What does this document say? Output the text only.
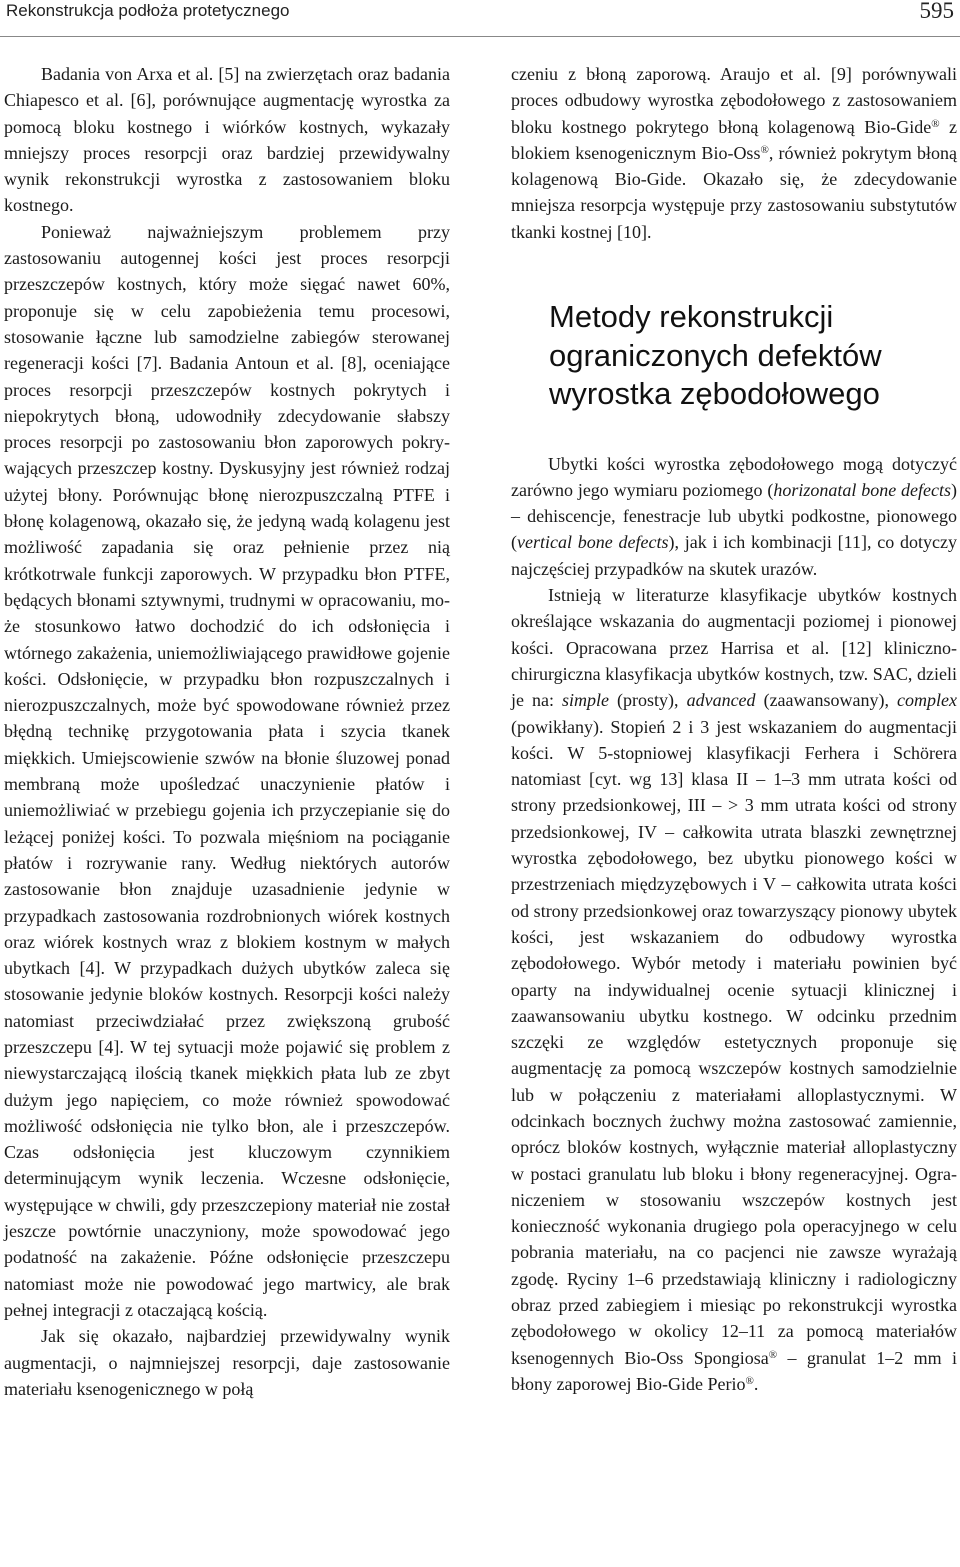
Rekonstrukcja podłoża protetycznego	595

Badania von Arxa et al. [5] na zwierzętach oraz badania Chiapesco et al. [6], porównujące augmentację wyrostka za pomocą bloku kostnego i wiórków kostnych, wykazały mniejszy proces resorpcji oraz bardziej przewidywalny wynik rekonstrukcji wyrostka z zastosowaniem bloku kostnego.

Ponieważ najważniejszym problemem przy zastosowaniu autogennej kości jest proces resorpcji przeszczepów kostnych, który może sięgać nawet 60%, proponuje się w celu zapobieżenia temu procesowi, stosowanie łączne lub samodzielne zabiegów sterowanej regeneracji kości [7]. Badania Antoun et al. [8], oceniające proces resorpcji przeszczepów kostnych pokrytych i niepokrytych błoną, udowodniły zdecydowanie słabszy proces resorpcji po zastosowaniu błon zaporowych pokrywających przeszczep kostny. Dyskusyjny jest również rodzaj użytej błony. Porównując błonę nierozpuszczalną PTFE i błonę kolagenową, okazało się, że jedyną wadą kolagenu jest możliwość zapadania się oraz pełnienie przez nią krótkotrwale funkcji zaporowych. W przypadku błon PTFE, będących błonami sztywnymi, trudnymi w opracowaniu, może stosunkowo łatwo dochodzić do ich odsłonięcia i wtórnego zakażenia, uniemożliwiającego prawidłowe gojenie kości. Odsłonięcie, w przypadku błon rozpuszczalnych i nierozpuszczalnych, może być spowodowane również przez błędną technikę przygotowania płata i szycia tkanek miękkich. Umiejscowienie szwów na błonie śluzowej ponad membraną może upośledzać unaczynienie płatów i uniemożliwiać w przebiegu gojenia ich przyczepianie się do leżącej poniżej kości. To pozwala mięśniom na pociąganie płatów i rozrywanie rany. Według niektórych autorów zastosowanie błon znajduje uzasadnienie jedynie w przypadkach zastosowania rozdrobnionych wiórek kostnych oraz wiórek kostnych wraz z blokiem kostnym w małych ubytkach [4]. W przypadkach dużych ubytków zaleca się stosowanie jedynie bloków kostnych. Resorpcji kości należy natomiast przeciwdziałać przez zwiększoną grubość przeszczepu [4]. W tej sytuacji może pojawić się problem z niewystarczającą ilością tkanek miękkich płata lub ze zbyt dużym jego napięciem, co może również spowodować możliwość odsłonięcia nie tylko błon, ale i przeszczepów. Czas odsłonięcia jest kluczowym czynnikiem determinującym wynik leczenia. Wczesne odsłonięcie, występujące w chwili, gdy przeszczepiony materiał nie został jeszcze powtórnie unaczyniony, może spowodować jego podatność na zakażenie. Późne odsłonięcie przeszczepu natomiast może nie powodować jego martwicy, ale brak pełnej integracji z otaczającą kością.

Jak się okazało, najbardziej przewidywalny wynik augmentacji, o najmniejszej resorpcji, daje zastosowanie materiału ksenogenicznego w połą

czeniu z błoną zaporową. Araujo et al. [9] porównywali proces odbudowy wyrostka zębodołowego z zastosowaniem bloku kostnego pokrytego błoną kolagenową Bio-Gide® z blokiem ksenogenicznym Bio-Oss®, również pokrytym błoną kolagenową Bio-Gide. Okazało się, że zdecydowanie mniejsza resorpcja występuje przy zastosowaniu substytutów tkanki kostnej [10].

Metody rekonstrukcji ograniczonych defektów wyrostka zębodołowego

Ubytki kości wyrostka zębodołowego mogą dotyczyć zarówno jego wymiaru poziomego (horizonatal bone defects) – dehiscencje, fenestracje lub ubytki podkostne, pionowego (vertical bone defects), jak i ich kombinacji [11], co dotyczy najczęściej przypadków na skutek urazów.

Istnieją w literaturze klasyfikacje ubytków kostnych określające wskazania do augmentacji poziomej i pionowej kości. Opracowana przez Harrisa et al. [12] kliniczno-chirurgiczna klasyfikacja ubytków kostnych, tzw. SAC, dzieli je na: simple (prosty), advanced (zaawansowany), complex (powikłany). Stopień 2 i 3 jest wskazaniem do augmentacji kości. W 5-stopniowej klasyfikacji Ferhera i Schörera natomiast [cyt. wg 13] klasa II – 1–3 mm utrata kości od strony przedsionkowej, III – > 3 mm utrata kości od strony przedsionkowej, IV – całkowita utrata blaszki zewnętrznej wyrostka zębodołowego, bez ubytku pionowego kości w przestrzeniach międzyzębowych i V – całkowita utrata kości od strony przedsionkowej oraz towarzyszący pionowy ubytek kości, jest wskazaniem do odbudowy wyrostka zębodołowego. Wybór metody i materiału powinien być oparty na indywidualnej ocenie sytuacji klinicznej i zaawansowaniu ubytku kostnego. W odcinku przednim szczęki ze względów estetycznych proponuje się augmentację za pomocą wszczepów kostnych samodzielnie lub w połączeniu z materiałami alloplastycznymi. W odcinkach bocznych żuchwy można zastosować zamiennie, oprócz bloków kostnych, wyłącznie materiał alloplastyczny w postaci granulatu lub bloku i błony regeneracyjnej. Ograniczeniem w stosowaniu wszczepów kostnych jest konieczność wykonania drugiego pola operacyjnego w celu pobrania materiału, na co pacjenci nie zawsze wyrażają zgodę. Ryciny 1–6 przedstawiają kliniczny i radiologiczny obraz przed zabiegiem i miesiąc po rekonstrukcji wyrostka zębodołowego w okolicy 12–11 za pomocą materiałów ksenogennych Bio-Oss Spongiosa® – granulat 1–2 mm i błony zaporowej Bio-Gide Perio®.
